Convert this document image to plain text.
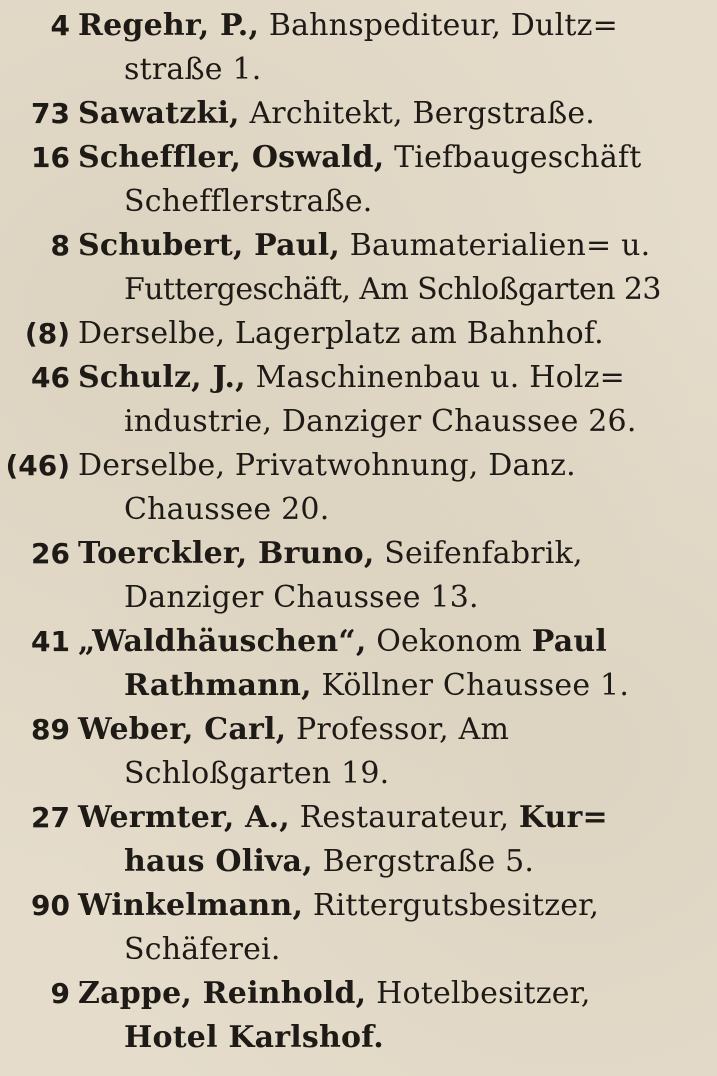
4 Regehr, P., Bahnspediteur, Dultz=
straße 1.
73 Sawatzki, Architekt, Bergstraße.
16 Scheffler, Oswald, Tiefbaugeschäft
Schefflerstraße.
8 Schubert, Paul, Baumaterialien= u.
Futtergeschäft, Am Schloßgarten 23
(8) Derselbe, Lagerplatz am Bahnhof.
46 Schulz, J., Maschinenbau u. Holz=
industrie, Danziger Chaussee 26.
(46) Derselbe, Privatwohnung, Danz.
Chaussee 20.
26 Toerckler, Bruno, Seifenfabrik,
Danziger Chaussee 13.
41 „Waldhäuschen“, Oekonom Paul
Rathmann, Köllner Chaussee 1.
89 Weber, Carl, Professor, Am
Schloßgarten 19.
27 Wermter, A., Restaurateur, Kur=
haus Oliva, Bergstraße 5.
90 Winkelmann, Rittergutsbesitzer,
Schäferei.
9 Zappe, Reinhold, Hotelbesitzer,
Hotel Karlshof.
